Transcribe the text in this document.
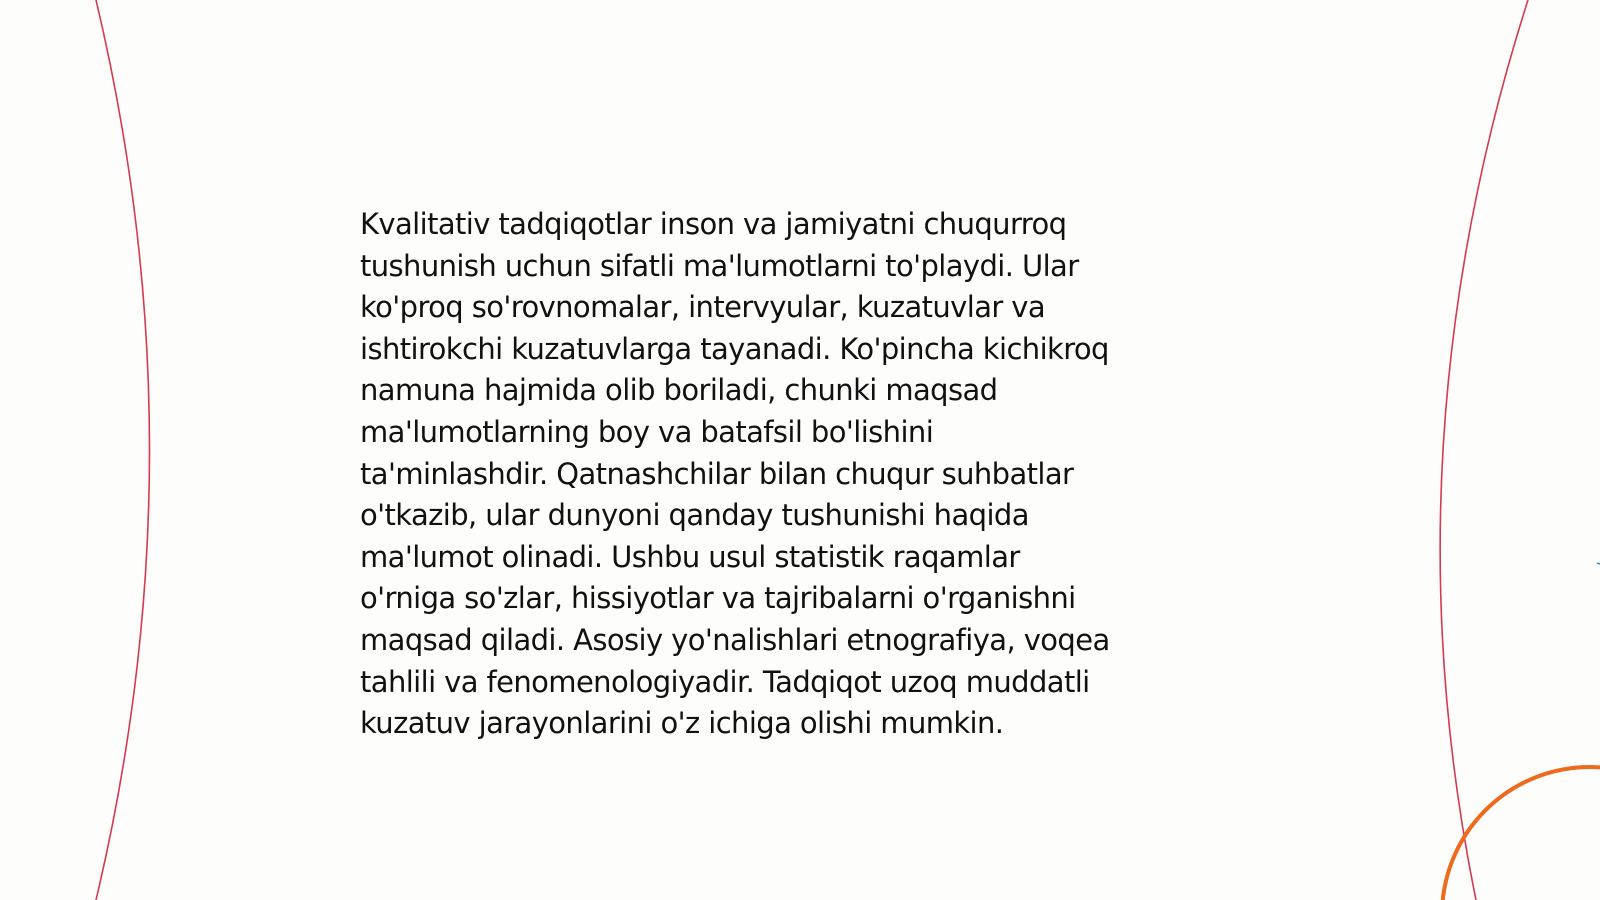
Kvalitativ tadqiqotlar inson va jamiyatni chuqurroq
tushunish uchun sifatli ma'lumotlarni to'playdi. Ular
ko'proq so'rovnomalar, intervyular, kuzatuvlar va
ishtirokchi kuzatuvlarga tayanadi. Ko'pincha kichikroq
namuna hajmida olib boriladi, chunki maqsad
ma'lumotlarning boy va batafsil bo'lishini
ta'minlashdir. Qatnashchilar bilan chuqur suhbatlar
o'tkazib, ular dunyoni qanday tushunishi haqida
ma'lumot olinadi. Ushbu usul statistik raqamlar
o'rniga so'zlar, hissiyotlar va tajribalarni o'rganishni
maqsad qiladi. Asosiy yo'nalishlari etnografiya, voqea
tahlili va fenomenologiyadir. Tadqiqot uzoq muddatli
kuzatuv jarayonlarini o'z ichiga olishi mumkin.
